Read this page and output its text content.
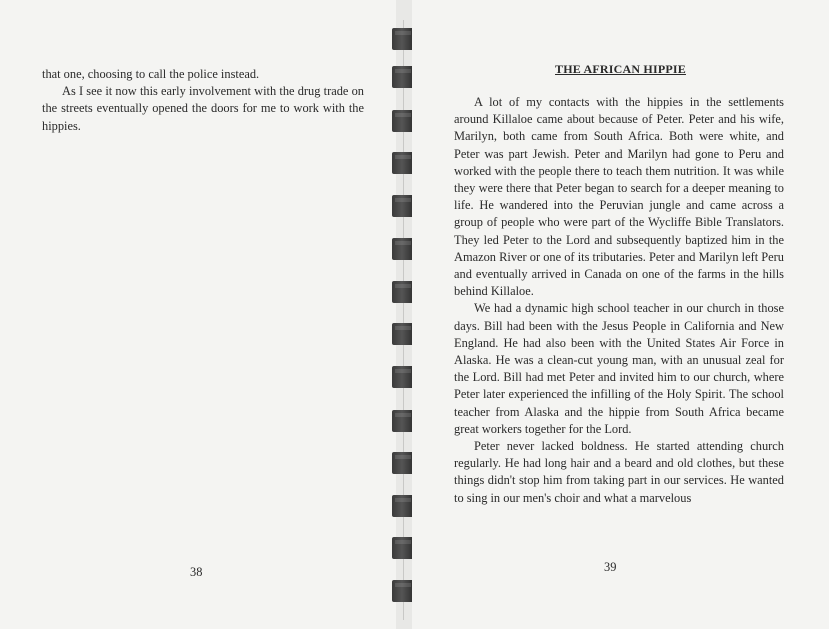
that one, choosing to call the police instead.

As I see it now this early involvement with the drug trade on the streets eventually opened the doors for me to work with the hippies.

38
THE AFRICAN HIPPIE

A lot of my contacts with the hippies in the settlements around Killaloe came about because of Peter. Peter and his wife, Marilyn, both came from South Africa. Both were white, and Peter was part Jewish. Peter and Marilyn had gone to Peru and worked with the people there to teach them nutrition. It was while they were there that Peter began to search for a deeper meaning to life. He wandered into the Peruvian jungle and came across a group of people who were part of the Wycliffe Bible Translators. They led Peter to the Lord and subsequently baptized him in the Amazon River or one of its tributaries. Peter and Marilyn left Peru and eventually arrived in Canada on one of the farms in the hills behind Killaloe.

We had a dynamic high school teacher in our church in those days. Bill had been with the Jesus People in California and New England. He had also been with the United States Air Force in Alaska. He was a clean-cut young man, with an unusual zeal for the Lord. Bill had met Peter and invited him to our church, where Peter later experienced the infilling of the Holy Spirit. The school teacher from Alaska and the hippie from South Africa became great workers together for the Lord.

Peter never lacked boldness. He started attending church regularly. He had long hair and a beard and old clothes, but these things didn't stop him from taking part in our services. He wanted to sing in our men's choir and what a marvelous

39
